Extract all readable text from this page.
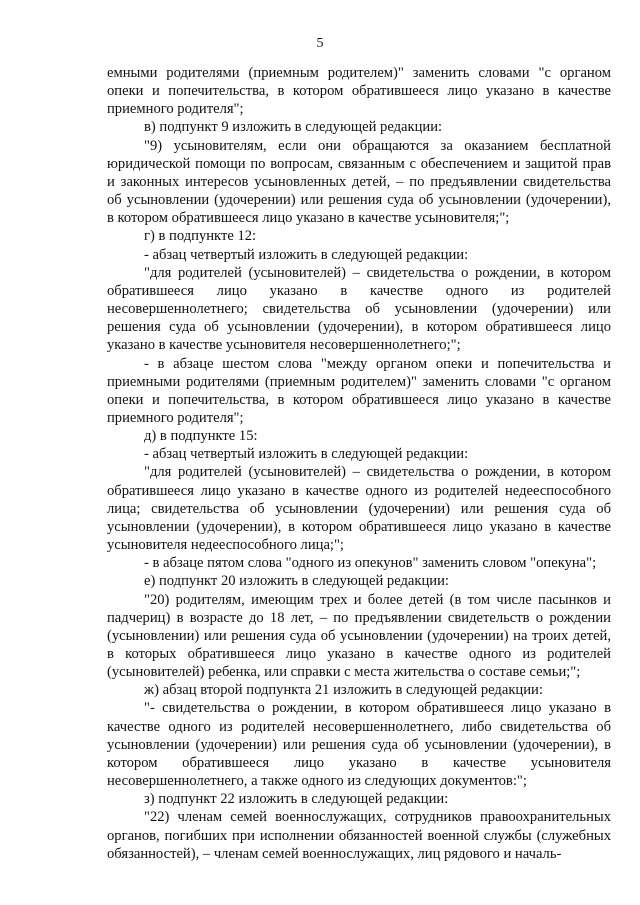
5

емными родителями (приемным родителем)" заменить словами "с органом опеки и попечительства, в котором обратившееся лицо указано в качестве приемного родителя";

в) подпункт 9 изложить в следующей редакции:

"9) усыновителям, если они обращаются за оказанием бесплатной юридической помощи по вопросам, связанным с обеспечением и защитой прав и законных интересов усыновленных детей, – по предъявлении свидетельства об усыновлении (удочерении) или решения суда об усыновлении (удочерении), в котором обратившееся лицо указано в качестве усыновителя;";

г) в подпункте 12:

- абзац четвертый изложить в следующей редакции:

"для родителей (усыновителей) – свидетельства о рождении, в котором обратившееся лицо указано в качестве одного из родителей несовершеннолетнего; свидетельства об усыновлении (удочерении) или решения суда об усыновлении (удочерении), в котором обратившееся лицо указано в качестве усыновителя несовершеннолетнего;";

- в абзаце шестом слова "между органом опеки и попечительства и приемными родителями (приемным родителем)" заменить словами "с органом опеки и попечительства, в котором обратившееся лицо указано в качестве приемного родителя";

д) в подпункте 15:

- абзац четвертый изложить в следующей редакции:

"для родителей (усыновителей) – свидетельства о рождении, в котором обратившееся лицо указано в качестве одного из родителей недееспособного лица; свидетельства об усыновлении (удочерении) или решения суда об усыновлении (удочерении), в котором обратившееся лицо указано в качестве усыновителя недееспособного лица;";

- в абзаце пятом слова "одного из опекунов" заменить словом "опекуна";

е) подпункт 20 изложить в следующей редакции:

"20) родителям, имеющим трех и более детей (в том числе пасынков и падчериц) в возрасте до 18 лет, – по предъявлении свидетельств о рождении (усыновлении) или решения суда об усыновлении (удочерении) на троих детей, в которых обратившееся лицо указано в качестве одного из родителей (усыновителей) ребенка, или справки с места жительства о составе семьи;";

ж) абзац второй подпункта 21 изложить в следующей редакции:

"- свидетельства о рождении, в котором обратившееся лицо указано в качестве одного из родителей несовершеннолетнего, либо свидетельства об усыновлении (удочерении) или решения суда об усыновлении (удочерении), в котором обратившееся лицо указано в качестве усыновителя несовершеннолетнего, а также одного из следующих документов:";

з) подпункт 22 изложить в следующей редакции:

"22) членам семей военнослужащих, сотрудников правоохранительных органов, погибших при исполнении обязанностей военной службы (служебных обязанностей), – членам семей военнослужащих, лиц рядового и началь-
